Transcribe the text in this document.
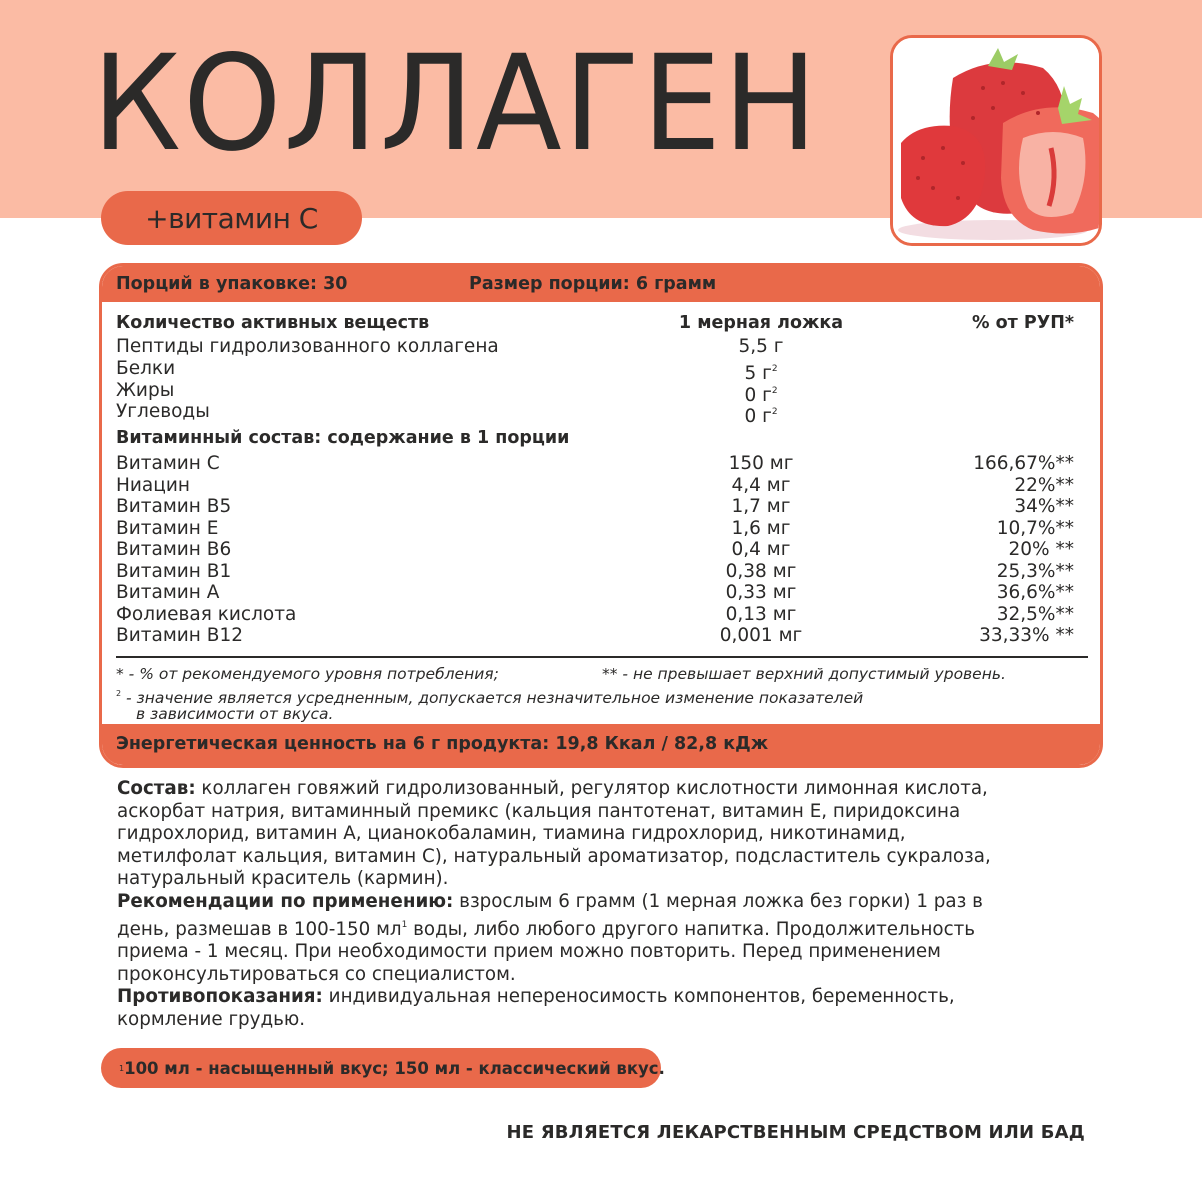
КОЛЛАГЕН
+витамин С
Порций в упаковке: 30	Размер порции: 6 грамм
Количество активных веществ	1 мерная ложка	% от РУП*
Пептиды гидролизованного коллагена	5,5 г
Белки	5 $г^2$
Жиры	0 $г^2$
Углеводы	0 $г^2$
Витаминный состав: содержание в 1 порции
Витамин С	150 мг	166,67%**
Ниацин	4,4 мг	22%**
Витамин В5	1,7 мг	34%**
Витамин Е	1,6 мг	10,7%**
Витамин В6	0,4 мг	20% **
Витамин В1	0,38 мг	25,3%**
Витамин А	0,33 мг	36,6%**
Фолиевая кислота	0,13 мг	32,5%**
Витамин В12	0,001 мг	33,33% **
* - % от рекомендуемого уровня потребления;	** - не превышает верхний допустимый уровень.
$^2$ - значение является усредненным, допускается незначительное изменение показателей
в зависимости от вкуса.
Энергетическая ценность на 6 г продукта: 19,8 Ккал / 82,8 кДж

Состав: коллаген говяжий гидролизованный, регулятор кислотности лимонная кислота,

аскорбат натрия, витаминный премикс (кальция пантотенат, витамин Е, пиридоксина

гидрохлорид, витамин А, цианокобаламин, тиамина гидрохлорид, никотинамид,

метилфолат кальция, витамин С), натуральный ароматизатор, подсластитель сукралоза,

натуральный краситель (кармин).

Рекомендации по применению: взрослым 6 грамм (1 мерная ложка без горки) 1 раз в

день, размешав в 100-150 $мл^1$ воды, либо любого другого напитка. Продолжительность

приема - 1 месяц. При необходимости прием можно повторить. Перед применением

проконсультироваться со специалистом.

Противопоказания: индивидуальная непереносимость компонентов, беременность,

кормление грудью.

1 100 мл - насыщенный вкус; 150 мл - классический вкус.
НЕ ЯВЛЯЕТСЯ ЛЕКАРСТВЕННЫМ СРЕДСТВОМ ИЛИ БАД
